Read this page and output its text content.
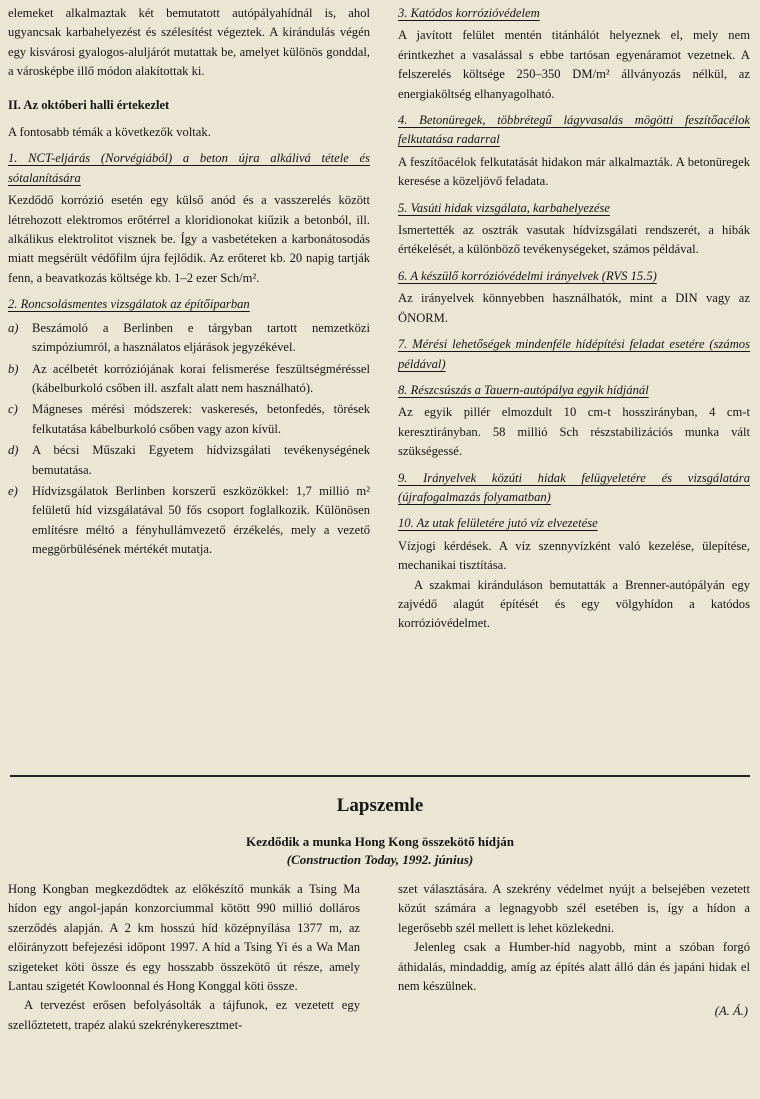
elemeket alkalmaztak két bemutatott autópályahídnál is, ahol ugyancsak karbahelyezést és szélesítést végeztek. A kirándulás végén egy kisvárosi gyalogos-aluljárót mutattak be, amelyet különös gonddal, a városképbe illő módon alakítottak ki.

II. Az októberi halli értekezlet

A fontosabb témák a következők voltak.

1. NCT-eljárás (Norvégiából) a beton újra alkálivá tétele és sótalanítására

Kezdődő korrózió esetén egy külső anód és a vasszerelés között létrehozott elektromos erőtérrel a kloridionokat kiűzik a betonból, ill. alkálikus elektrolitot visznek be. Így a vasbetéteken a karbonátosodás miatt megsérült védőfilm újra fejlődik. Az erőteret kb. 20 napig tartják fenn, a beavatkozás költsége kb. 1–2 ezer Sch/m².

2. Roncsolásmentes vizsgálatok az építőiparban

a)	Beszámoló a Berlinben e tárgyban tartott nemzetközi szimpóziumról, a használatos eljárások jegyzékével.
b)	Az acélbetét korróziójának korai felismerése feszültségméréssel (kábelburkoló csőben ill. aszfalt alatt nem használható).
c)	Mágneses mérési módszerek: vaskeresés, betonfedés, törések felkutatása kábelburkoló csőben vagy azon kívül.
d)	A bécsi Műszaki Egyetem hídvizsgálati tevékenységének bemutatása.
e)	Hídvizsgálatok Berlinben korszerű eszközökkel: 1,7 millió m² felületű híd vizsgálatával 50 fős csoport foglalkozik. Különösen említésre méltó a fényhullámvezető érzékelés, mely a vezető meggörbülésének mértékét mutatja.

3. Katódos korrózióvédelem

A javított felület mentén titánhálót helyeznek el, mely nem érintkezhet a vasalással s ebbe tartósan egyenáramot vezetnek. A felszerelés költsége 250–350 DM/m² állványozás nélkül, az energiaköltség elhanyagolható.

4. Betonüregek, többrétegű lágyvasalás mögötti feszítőacélok felkutatása radarral

A feszítőacélok felkutatását hidakon már alkalmazták. A betonüregek keresése a közeljövő feladata.

5. Vasúti hidak vizsgálata, karbahelyezése

Ismertették az osztrák vasutak hídvizsgálati rendszerét, a hibák értékelését, a különböző tevékenységeket, számos példával.

6. A készülő korrózióvédelmi irányelvek (RVS 15.5)

Az irányelvek könnyebben használhatók, mint a DIN vagy az ÖNORM.

7. Mérési lehetőségek mindenféle hídépítési feladat esetére (számos példával)

8. Részcsúszás a Tauern-autópálya egyik hídjánál

Az egyik pillér elmozdult 10 cm-t hosszirányban, 4 cm-t keresztirányban. 58 millió Sch részstabilizációs munka vált szükségessé.

9. Irányelvek közúti hidak felügyeletére és vizsgálatára (újrafogalmazás folyamatban)

10. Az utak felületére jutó víz elvezetése

Vízjogi kérdések. A víz szennyvízként való kezelése, ülepítése, mechanikai tisztítása.

A szakmai kiránduláson bemutatták a Brenner-autópályán egy zajvédő alagút építését és egy völgyhídon a katódos korrózióvédelmet.

Lapszemle
Kezdődik a munka Hong Kong összekötő hídján
(Construction Today, 1992. június)

Hong Kongban megkezdődtek az előkészítő munkák a Tsing Ma hídon egy angol-japán konzorciummal kötött 990 millió dolláros szerződés alapján. A 2 km hosszú híd középnyílása 1377 m, az előirányzott befejezési időpont 1997. A híd a Tsing Yi és a Wa Man szigeteket köti össze és egy hosszabb összekötő út része, amely Lantau szigetét Kowloonnal és Hong Konggal köti össze.

A tervezést erősen befolyásolták a tájfunok, ez vezetett egy szellőztetett, trapéz alakú szekrénykeresztmet-

szet választására. A szekrény védelmet nyújt a belsejében vezetett közút számára a legnagyobb szél esetében is, így a hídon a legerősebb szél mellett is lehet közlekedni.

Jelenleg csak a Humber-híd nagyobb, mint a szóban forgó áthidalás, mindaddig, amíg az építés alatt álló dán és japáni hidak el nem készülnek.

(A. Á.)
